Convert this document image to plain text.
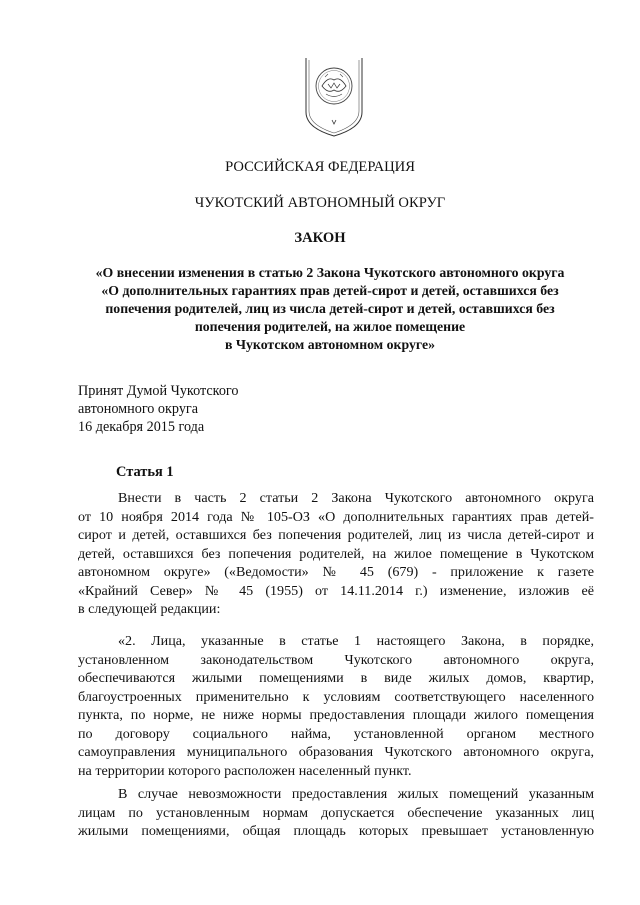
РОССИЙСКАЯ ФЕДЕРАЦИЯ
ЧУКОТСКИЙ АВТОНОМНЫЙ ОКРУГ
ЗАКОН
«О внесении изменения в статью 2 Закона Чукотского автономного округа
«О дополнительных гарантиях прав детей-сирот и детей, оставшихся без
попечения родителей, лиц из числа детей-сирот и детей, оставшихся без
попечения родителей, на жилое помещение
в Чукотском автономном округе»
Принят Думой Чукотского
автономного округа
16 декабря 2015 года
Статья 1
Внести в часть 2 статьи 2 Закона Чукотского автономного округа
от 10 ноября 2014 года № 105-ОЗ «О дополнительных гарантиях прав детей-
сирот и детей, оставшихся без попечения родителей, лиц из числа детей-сирот и
детей, оставшихся без попечения родителей, на жилое помещение в Чукотском
автономном округе» («Ведомости» № 45 (679) - приложение к газете
«Крайний Север» № 45 (1955) от 14.11.2014 г.) изменение, изложив её
в следующей редакции:
«2. Лица, указанные в статье 1 настоящего Закона, в порядке,
установленном законодательством Чукотского автономного округа,
обеспечиваются жилыми помещениями в виде жилых домов, квартир,
благоустроенных применительно к условиям соответствующего населенного
пункта, по норме, не ниже нормы предоставления площади жилого помещения
по договору социального найма, установленной органом местного
самоуправления муниципального образования Чукотского автономного округа,
на территории которого расположен населенный пункт.
В случае невозможности предоставления жилых помещений указанным
лицам по установленным нормам допускается обеспечение указанных лиц
жилыми помещениями, общая площадь которых превышает установленную
